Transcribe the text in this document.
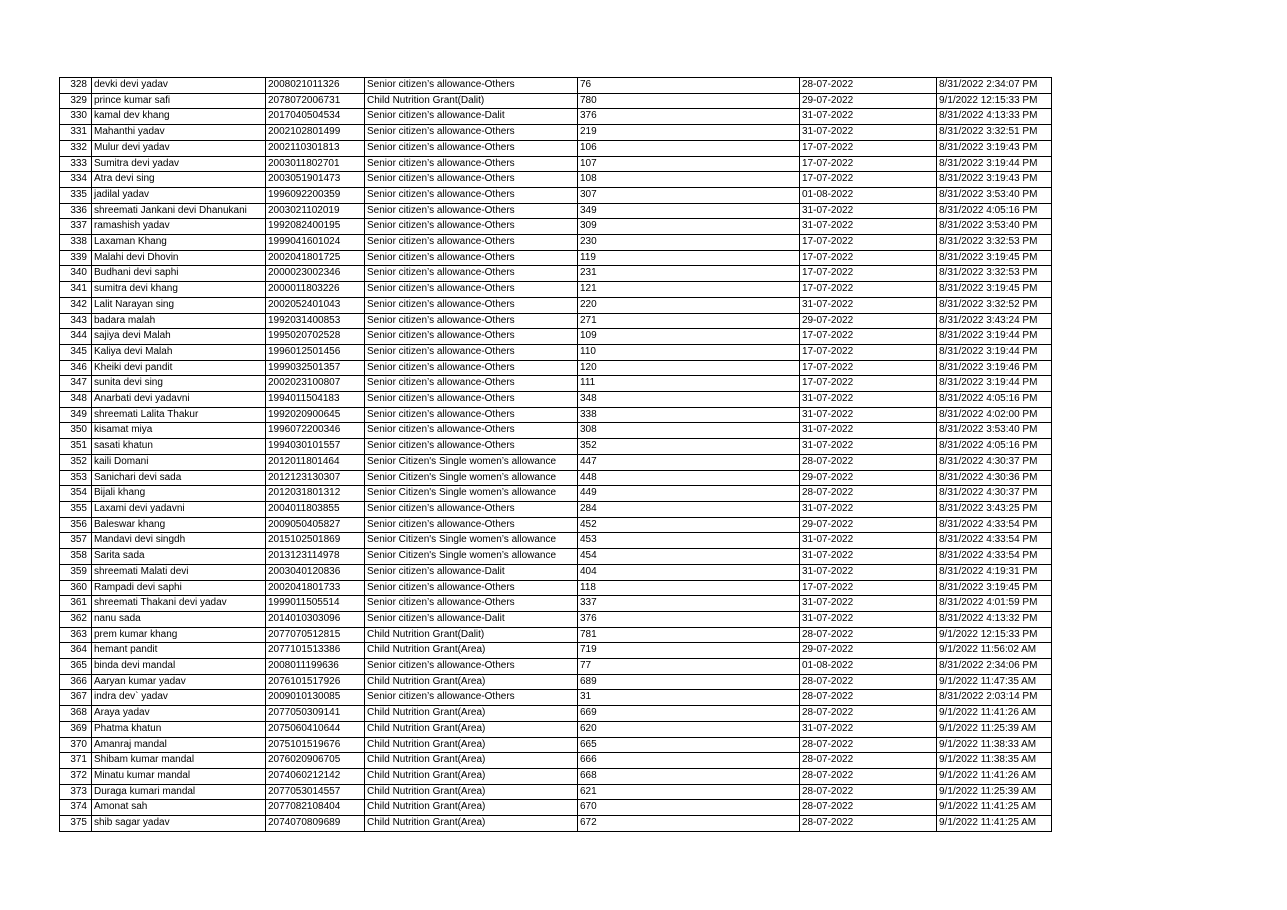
328	devki devi yadav	2008021011326	Senior citizen’s allowance-Others	76	28-07-2022	8/31/2022 2:34:07 PM
329	prince kumar safi	2078072006731	Child Nutrition Grant(Dalit)	780	29-07-2022	9/1/2022 12:15:33 PM
330	kamal dev khang	2017040504534	Senior citizen’s allowance-Dalit	376	31-07-2022	8/31/2022 4:13:33 PM
331	Mahanthi yadav	2002102801499	Senior citizen’s allowance-Others	219	31-07-2022	8/31/2022 3:32:51 PM
332	Mulur devi yadav	2002110301813	Senior citizen’s allowance-Others	106	17-07-2022	8/31/2022 3:19:43 PM
333	Sumitra devi yadav	2003011802701	Senior citizen’s allowance-Others	107	17-07-2022	8/31/2022 3:19:44 PM
334	Atra devi sing	2003051901473	Senior citizen’s allowance-Others	108	17-07-2022	8/31/2022 3:19:43 PM
335	jadilal yadav	1996092200359	Senior citizen’s allowance-Others	307	01-08-2022	8/31/2022 3:53:40 PM
336	shreemati Jankani devi Dhanukani	2003021102019	Senior citizen’s allowance-Others	349	31-07-2022	8/31/2022 4:05:16 PM
337	ramashish yadav	1992082400195	Senior citizen’s allowance-Others	309	31-07-2022	8/31/2022 3:53:40 PM
338	Laxaman Khang	1999041601024	Senior citizen’s allowance-Others	230	17-07-2022	8/31/2022 3:32:53 PM
339	Malahi devi Dhovin	2002041801725	Senior citizen’s allowance-Others	119	17-07-2022	8/31/2022 3:19:45 PM
340	Budhani devi saphi	2000023002346	Senior citizen’s allowance-Others	231	17-07-2022	8/31/2022 3:32:53 PM
341	sumitra devi khang	2000011803226	Senior citizen’s allowance-Others	121	17-07-2022	8/31/2022 3:19:45 PM
342	Lalit Narayan sing	2002052401043	Senior citizen’s allowance-Others	220	31-07-2022	8/31/2022 3:32:52 PM
343	badara malah	1992031400853	Senior citizen’s allowance-Others	271	29-07-2022	8/31/2022 3:43:24 PM
344	sajiya devi Malah	1995020702528	Senior citizen’s allowance-Others	109	17-07-2022	8/31/2022 3:19:44 PM
345	Kaliya devi Malah	1996012501456	Senior citizen’s allowance-Others	110	17-07-2022	8/31/2022 3:19:44 PM
346	Kheiki devi pandit	1999032501357	Senior citizen’s allowance-Others	120	17-07-2022	8/31/2022 3:19:46 PM
347	sunita devi sing	2002023100807	Senior citizen’s allowance-Others	111	17-07-2022	8/31/2022 3:19:44 PM
348	Anarbati devi yadavni	1994011504183	Senior citizen’s allowance-Others	348	31-07-2022	8/31/2022 4:05:16 PM
349	shreemati Lalita Thakur	1992020900645	Senior citizen’s allowance-Others	338	31-07-2022	8/31/2022 4:02:00 PM
350	kisamat miya	1996072200346	Senior citizen’s allowance-Others	308	31-07-2022	8/31/2022 3:53:40 PM
351	sasati khatun	1994030101557	Senior citizen’s allowance-Others	352	31-07-2022	8/31/2022 4:05:16 PM
352	kaili Domani	2012011801464	Senior Citizen's Single women’s allowance	447	28-07-2022	8/31/2022 4:30:37 PM
353	Sanichari devi sada	2012123130307	Senior Citizen's Single women’s allowance	448	29-07-2022	8/31/2022 4:30:36 PM
354	Bijali khang	2012031801312	Senior Citizen's Single women’s allowance	449	28-07-2022	8/31/2022 4:30:37 PM
355	Laxami devi yadavni	2004011803855	Senior citizen’s allowance-Others	284	31-07-2022	8/31/2022 3:43:25 PM
356	Baleswar khang	2009050405827	Senior citizen’s allowance-Others	452	29-07-2022	8/31/2022 4:33:54 PM
357	Mandavi devi singdh	2015102501869	Senior Citizen's Single women’s allowance	453	31-07-2022	8/31/2022 4:33:54 PM
358	Sarita sada	2013123114978	Senior Citizen's Single women’s allowance	454	31-07-2022	8/31/2022 4:33:54 PM
359	shreemati Malati devi	2003040120836	Senior citizen’s allowance-Dalit	404	31-07-2022	8/31/2022 4:19:31 PM
360	Rampadi devi saphi	2002041801733	Senior citizen’s allowance-Others	118	17-07-2022	8/31/2022 3:19:45 PM
361	shreemati Thakani devi yadav	1999011505514	Senior citizen’s allowance-Others	337	31-07-2022	8/31/2022 4:01:59 PM
362	nanu sada	2014010303096	Senior citizen’s allowance-Dalit	376	31-07-2022	8/31/2022 4:13:32 PM
363	prem kumar khang	2077070512815	Child Nutrition Grant(Dalit)	781	28-07-2022	9/1/2022 12:15:33 PM
364	hemant pandit	2077101513386	Child Nutrition Grant(Area)	719	29-07-2022	9/1/2022 11:56:02 AM
365	binda devi mandal	2008011199636	Senior citizen’s allowance-Others	77	01-08-2022	8/31/2022 2:34:06 PM
366	Aaryan kumar yadav	2076101517926	Child Nutrition Grant(Area)	689	28-07-2022	9/1/2022 11:47:35 AM
367	indra dev` yadav	2009010130085	Senior citizen’s allowance-Others	31	28-07-2022	8/31/2022 2:03:14 PM
368	Araya yadav	2077050309141	Child Nutrition Grant(Area)	669	28-07-2022	9/1/2022 11:41:26 AM
369	Phatma khatun	2075060410644	Child Nutrition Grant(Area)	620	31-07-2022	9/1/2022 11:25:39 AM
370	Amanraj mandal	2075101519676	Child Nutrition Grant(Area)	665	28-07-2022	9/1/2022 11:38:33 AM
371	Shibam kumar mandal	2076020906705	Child Nutrition Grant(Area)	666	28-07-2022	9/1/2022 11:38:35 AM
372	Minatu kumar mandal	2074060212142	Child Nutrition Grant(Area)	668	28-07-2022	9/1/2022 11:41:26 AM
373	Duraga kumari mandal	2077053014557	Child Nutrition Grant(Area)	621	28-07-2022	9/1/2022 11:25:39 AM
374	Amonat sah	2077082108404	Child Nutrition Grant(Area)	670	28-07-2022	9/1/2022 11:41:25 AM
375	shib sagar yadav	2074070809689	Child Nutrition Grant(Area)	672	28-07-2022	9/1/2022 11:41:25 AM
